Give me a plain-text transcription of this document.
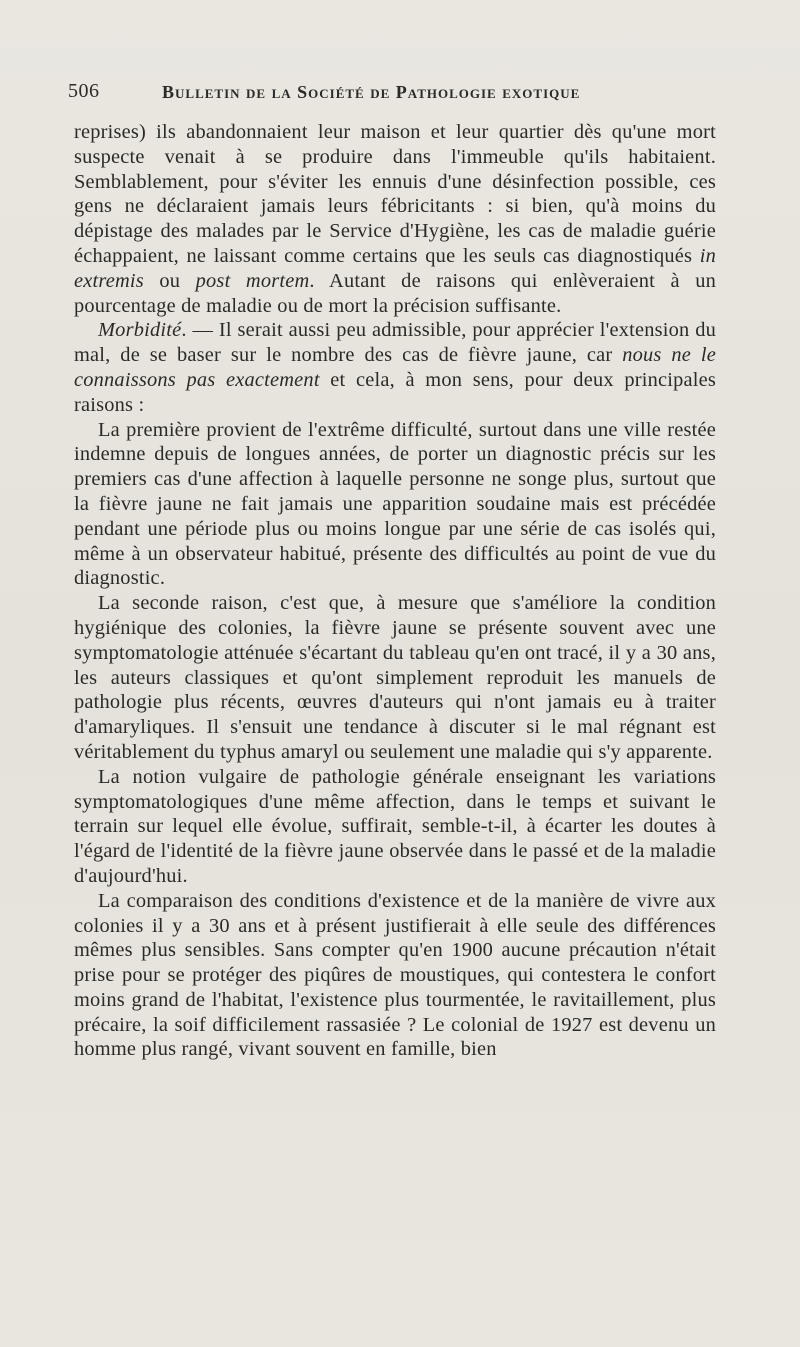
506	Bulletin de la Société de Pathologie exotique

reprises) ils abandonnaient leur maison et leur quartier dès qu'une mort suspecte venait à se produire dans l'immeuble qu'ils habitaient. Semblablement, pour s'éviter les ennuis d'une désinfection possible, ces gens ne déclaraient jamais leurs fébricitants : si bien, qu'à moins du dépistage des malades par le Service d'Hygiène, les cas de maladie guérie échappaient, ne laissant comme certains que les seuls cas diagnostiqués in extremis ou post mortem. Autant de raisons qui enlèveraient à un pourcentage de maladie ou de mort la précision suffisante.

Morbidité. — Il serait aussi peu admissible, pour apprécier l'extension du mal, de se baser sur le nombre des cas de fièvre jaune, car nous ne le connaissons pas exactement et cela, à mon sens, pour deux principales raisons :

La première provient de l'extrême difficulté, surtout dans une ville restée indemne depuis de longues années, de porter un diagnostic précis sur les premiers cas d'une affection à laquelle personne ne songe plus, surtout que la fièvre jaune ne fait jamais une apparition soudaine mais est précédée pendant une période plus ou moins longue par une série de cas isolés qui, même à un observateur habitué, présente des difficultés au point de vue du diagnostic.

La seconde raison, c'est que, à mesure que s'améliore la condition hygiénique des colonies, la fièvre jaune se présente souvent avec une symptomatologie atténuée s'écartant du tableau qu'en ont tracé, il y a 30 ans, les auteurs classiques et qu'ont simplement reproduit les manuels de pathologie plus récents, œuvres d'auteurs qui n'ont jamais eu à traiter d'amaryliques. Il s'ensuit une tendance à discuter si le mal régnant est véritablement du typhus amaryl ou seulement une maladie qui s'y apparente.

La notion vulgaire de pathologie générale enseignant les variations symptomatologiques d'une même affection, dans le temps et suivant le terrain sur lequel elle évolue, suffirait, semble-t-il, à écarter les doutes à l'égard de l'identité de la fièvre jaune observée dans le passé et de la maladie d'aujourd'hui.

La comparaison des conditions d'existence et de la manière de vivre aux colonies il y a 30 ans et à présent justifierait à elle seule des différences mêmes plus sensibles. Sans compter qu'en 1900 aucune précaution n'était prise pour se protéger des piqûres de moustiques, qui contestera le confort moins grand de l'habitat, l'existence plus tourmentée, le ravitaillement, plus précaire, la soif difficilement rassasiée ? Le colonial de 1927 est devenu un homme plus rangé, vivant souvent en famille, bien
